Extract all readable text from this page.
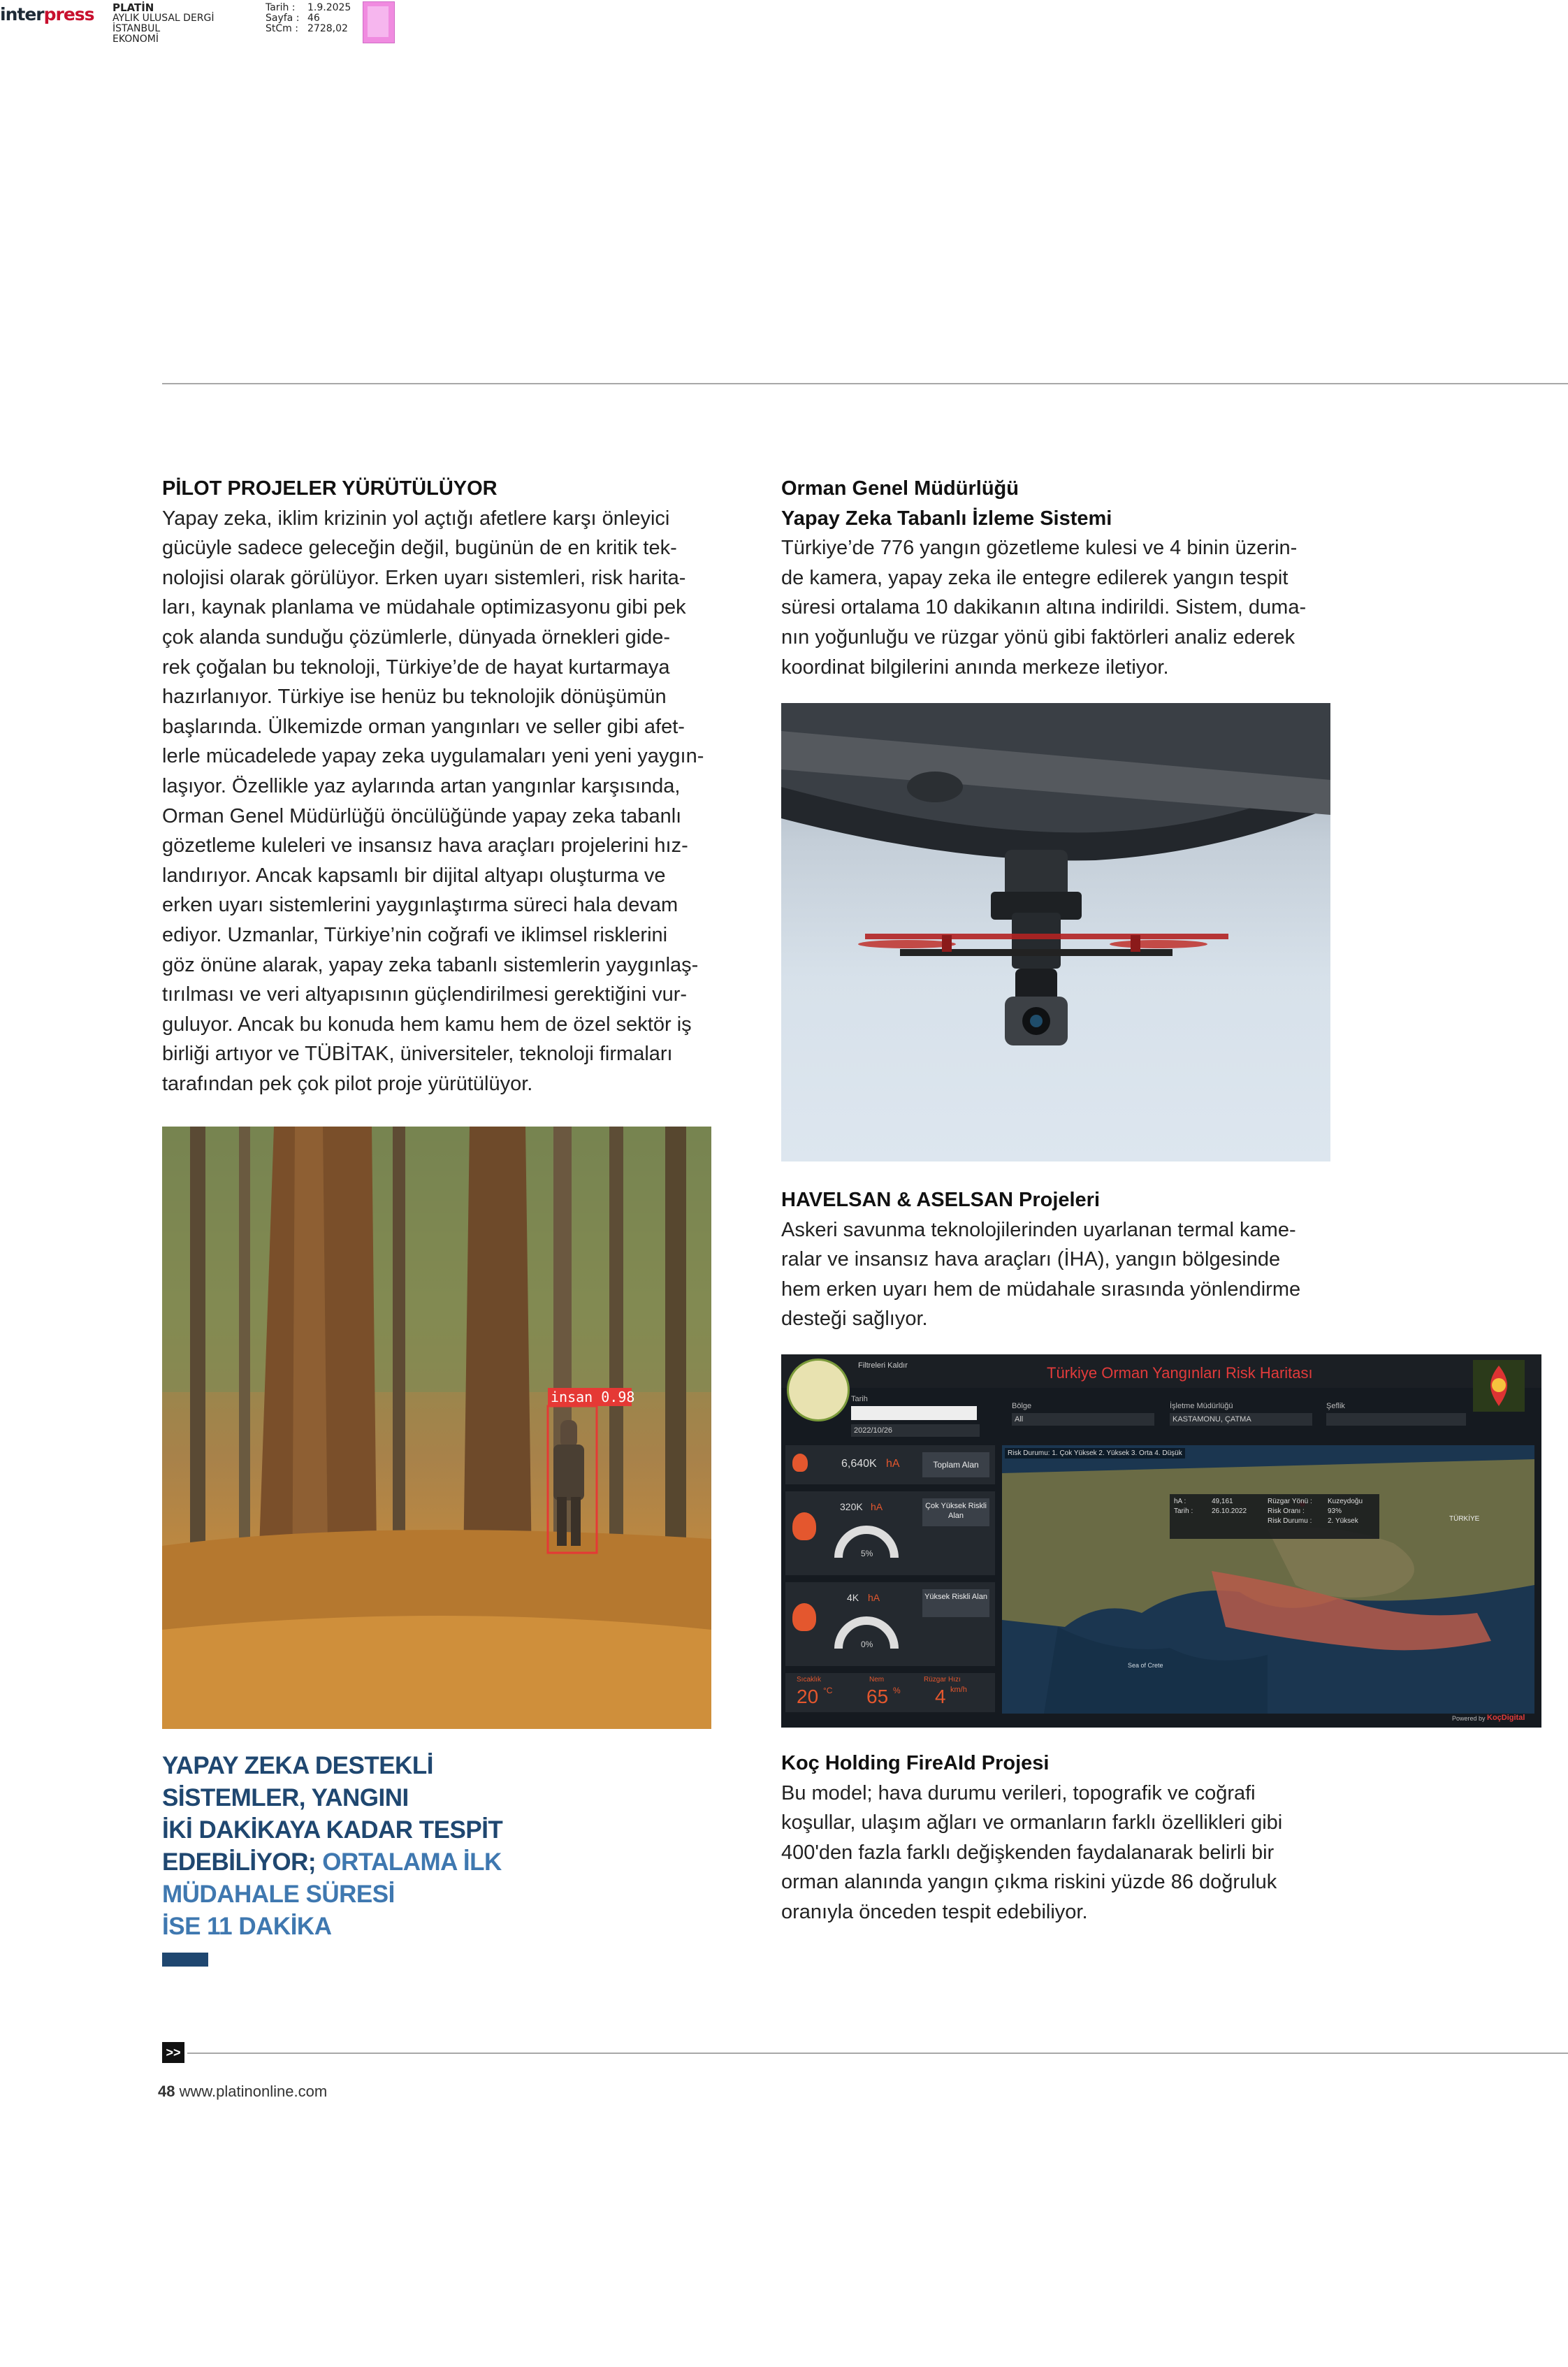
interpress PLATİN
AYLIK ULUSAL DERGİ
İSTANBUL
EKONOMİ
Tarih :
Sayfa :
StCm :
1.9.2025
46
2728,02
PİLOT PROJELER YÜRÜTÜLÜYOR

Yapay zeka, iklim krizinin yol açtığı afetlere karşı önleyici

gücüyle sadece geleceğin değil, bugünün de en kritik tek-

nolojisi olarak görülüyor. Erken uyarı sistemleri, risk harita-

ları, kaynak planlama ve müdahale optimizasyonu gibi pek

çok alanda sunduğu çözümlerle, dünyada örnekleri gide-

rek çoğalan bu teknoloji, Türkiye’de de hayat kurtarmaya

hazırlanıyor. Türkiye ise henüz bu teknolojik dönüşümün

başlarında. Ülkemizde orman yangınları ve seller gibi afet-

lerle mücadelede yapay zeka uygulamaları yeni yeni yaygın-

laşıyor. Özellikle yaz aylarında artan yangınlar karşısında,

Orman Genel Müdürlüğü öncülüğünde yapay zeka tabanlı

gözetleme kuleleri ve insansız hava araçları projelerini hız-

landırıyor. Ancak kapsamlı bir dijital altyapı oluşturma ve

erken uyarı sistemlerini yaygınlaştırma süreci hala devam

ediyor. Uzmanlar, Türkiye’nin coğrafi ve iklimsel risklerini

göz önüne alarak, yapay zeka tabanlı sistemlerin yaygınlaş-

tırılması ve veri altyapısının güçlendirilmesi gerektiğini vur-

guluyor. Ancak bu konuda hem kamu hem de özel sektör iş

birliği artıyor ve TÜBİTAK, üniversiteler, teknoloji firmaları

tarafından pek çok pilot proje yürütülüyor.

Orman Genel Müdürlüğü
Yapay Zeka Tabanlı İzleme Sistemi

Türkiye’de 776 yangın gözetleme kulesi ve 4 binin üzerin-

de kamera, yapay zeka ile entegre edilerek yangın tespit

süresi ortalama 10 dakikanın altına indirildi. Sistem, duma-

nın yoğunluğu ve rüzgar yönü gibi faktörleri analiz ederek

koordinat bilgilerini anında merkeze iletiyor.

insan 0.98
HAVELSAN & ASELSAN Projeleri

Askeri savunma teknolojilerinden uyarlanan termal kame-

ralar ve insansız hava araçları (İHA), yangın bölgesinde

hem erken uyarı hem de müdahale sırasında yönlendirme

desteği sağlıyor.

Filtreleri Kaldır	Türkiye Orman Yangınları Risk Haritası
Tarih
2022/10/26
Bölge
All
İşletme Müdürlüğü
KASTAMONU, ÇATMA
Şeflik
6,640K hA	Toplam Alan
320K hA
5%
Çok Yüksek Riskli Alan
4K hA
0%
Yüksek Riskli Alan
Sıcaklık
20 °C
Nem
65 %
Rüzgar Hızı
4 km/h
Risk Durumu: 1. Çok Yüksek 2. Yüksek 3. Orta 4. Düşük
hA :	49,161
Tarih :	26.10.2022
Rüzgar Yönü : Kuzeydoğu
Risk Oranı :	93%
Risk Durumu : 2. Yüksek	TÜRKİYE
Sea of Crete
Powered by KoçDigital
YAPAY ZEKA DESTEKLİ
SİSTEMLER, YANGINI
İKİ DAKİKAYA KADAR TESPİT
EDEBİLİYOR; ORTALAMA İLK
MÜDAHALE SÜRESİ
İSE 11 DAKİKA
Koç Holding FireAId Projesi

Bu model; hava durumu verileri, topografik ve coğrafi

koşullar, ulaşım ağları ve ormanların farklı özellikleri gibi

400'den fazla farklı değişkenden faydalanarak belirli bir

orman alanında yangın çıkma riskini yüzde 86 doğruluk

oranıyla önceden tespit edebiliyor.

>>
48 www.platinonline.com
